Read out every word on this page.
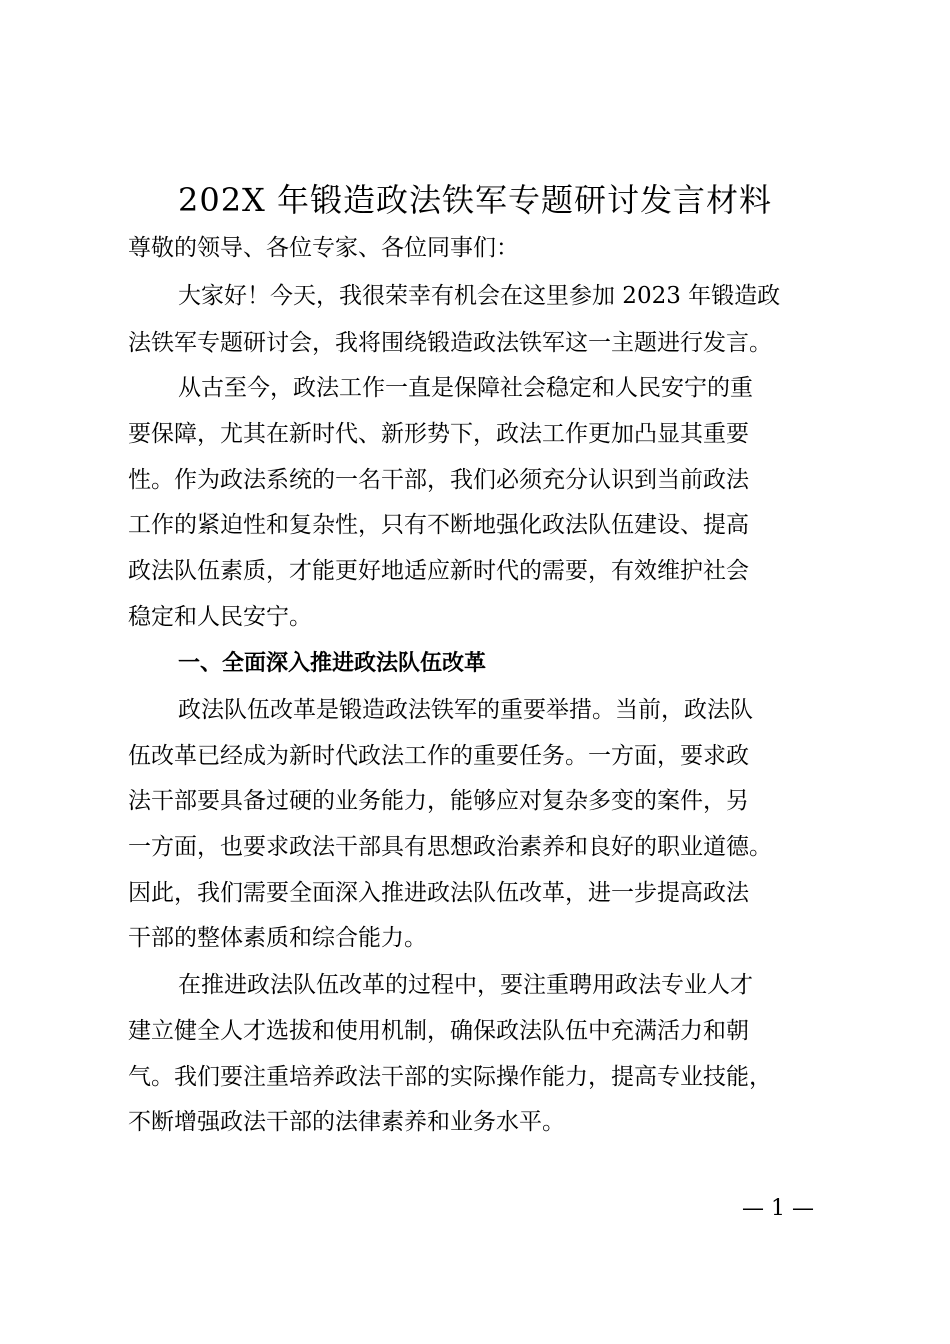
202X 年锻造政法铁军专题研讨发言材料
尊敬的领导、各位专家、各位同事们：
大家好！今天，我很荣幸有机会在这里参加 2023 年锻造政
法铁军专题研讨会，我将围绕锻造政法铁军这一主题进行发言。
从古至今，政法工作一直是保障社会稳定和人民安宁的重
要保障，尤其在新时代、新形势下，政法工作更加凸显其重要
性。作为政法系统的一名干部，我们必须充分认识到当前政法
工作的紧迫性和复杂性，只有不断地强化政法队伍建设、提高
政法队伍素质，才能更好地适应新时代的需要，有效维护社会
稳定和人民安宁。
一、全面深入推进政法队伍改革
政法队伍改革是锻造政法铁军的重要举措。当前，政法队
伍改革已经成为新时代政法工作的重要任务。一方面，要求政
法干部要具备过硬的业务能力，能够应对复杂多变的案件，另
一方面，也要求政法干部具有思想政治素养和良好的职业道德。
因此，我们需要全面深入推进政法队伍改革，进一步提高政法
干部的整体素质和综合能力。
在推进政法队伍改革的过程中，要注重聘用政法专业人才
建立健全人才选拔和使用机制，确保政法队伍中充满活力和朝
气。我们要注重培养政法干部的实际操作能力，提高专业技能，
不断增强政法干部的法律素养和业务水平。
— 1 —
